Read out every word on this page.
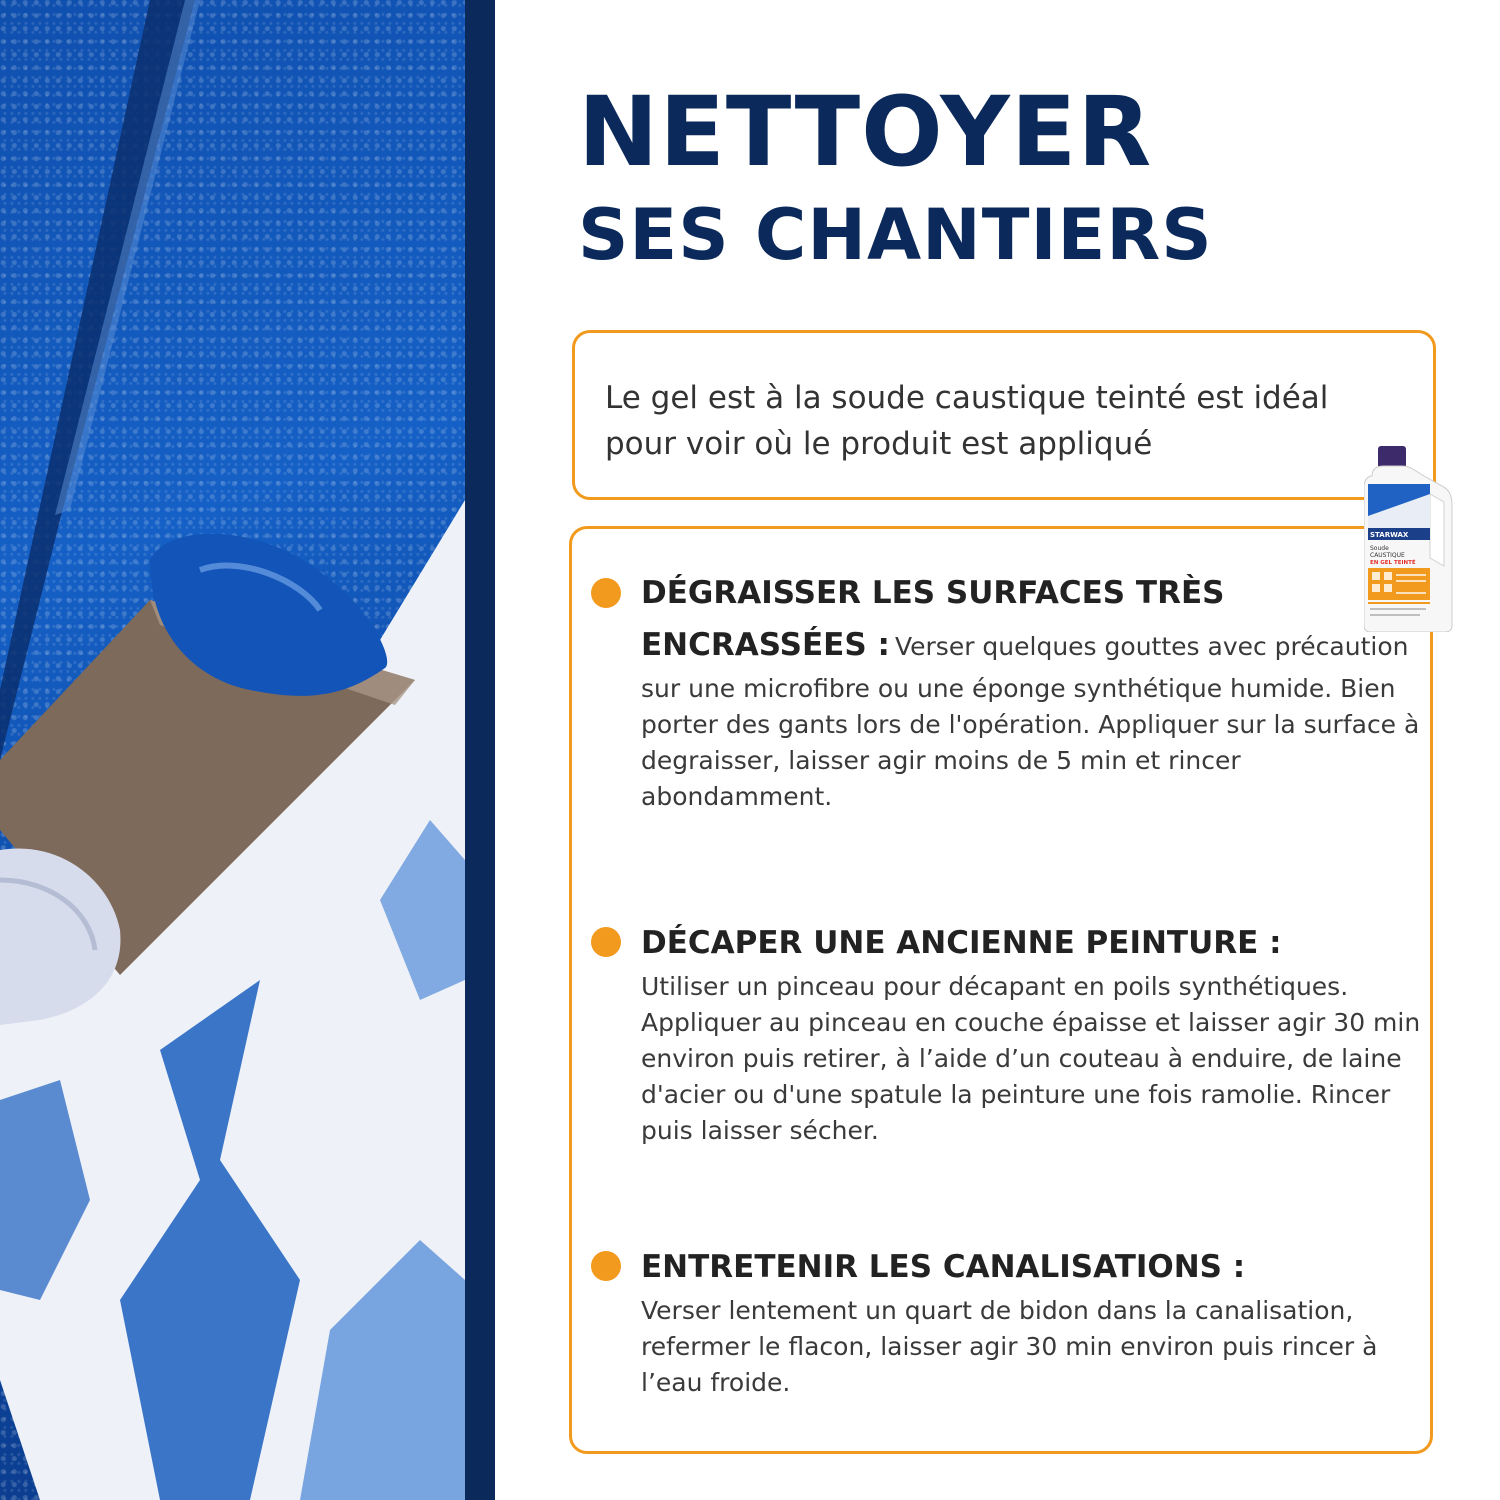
NETTOYER
SES CHANTIERS
Le gel est à la soude caustique teinté est idéal pour voir où le produit est appliqué
DÉGRAISSER LES SURFACES TRÈS ENCRASSÉES : Verser quelques gouttes avec précaution sur une microfibre ou une éponge synthétique humide. Bien porter des gants lors de l'opération. Appliquer sur la surface à degraisser, laisser agir moins de 5 min et rincer abondamment.
DÉCAPER UNE ANCIENNE PEINTURE :
Utiliser un pinceau pour décapant en poils synthétiques. Appliquer au pinceau en couche épaisse et laisser agir 30 min environ puis retirer, à l’aide d’un couteau à enduire, de laine d'acier ou d'une spatule la peinture une fois ramolie. Rincer puis laisser sécher.
ENTRETENIR LES CANALISATIONS :
Verser lentement un quart de bidon dans la canalisation, refermer le flacon, laisser agir 30 min environ puis rincer à l’eau froide.
STARWAX
Soude
CAUSTIQUE
EN GEL TEINTÉ
